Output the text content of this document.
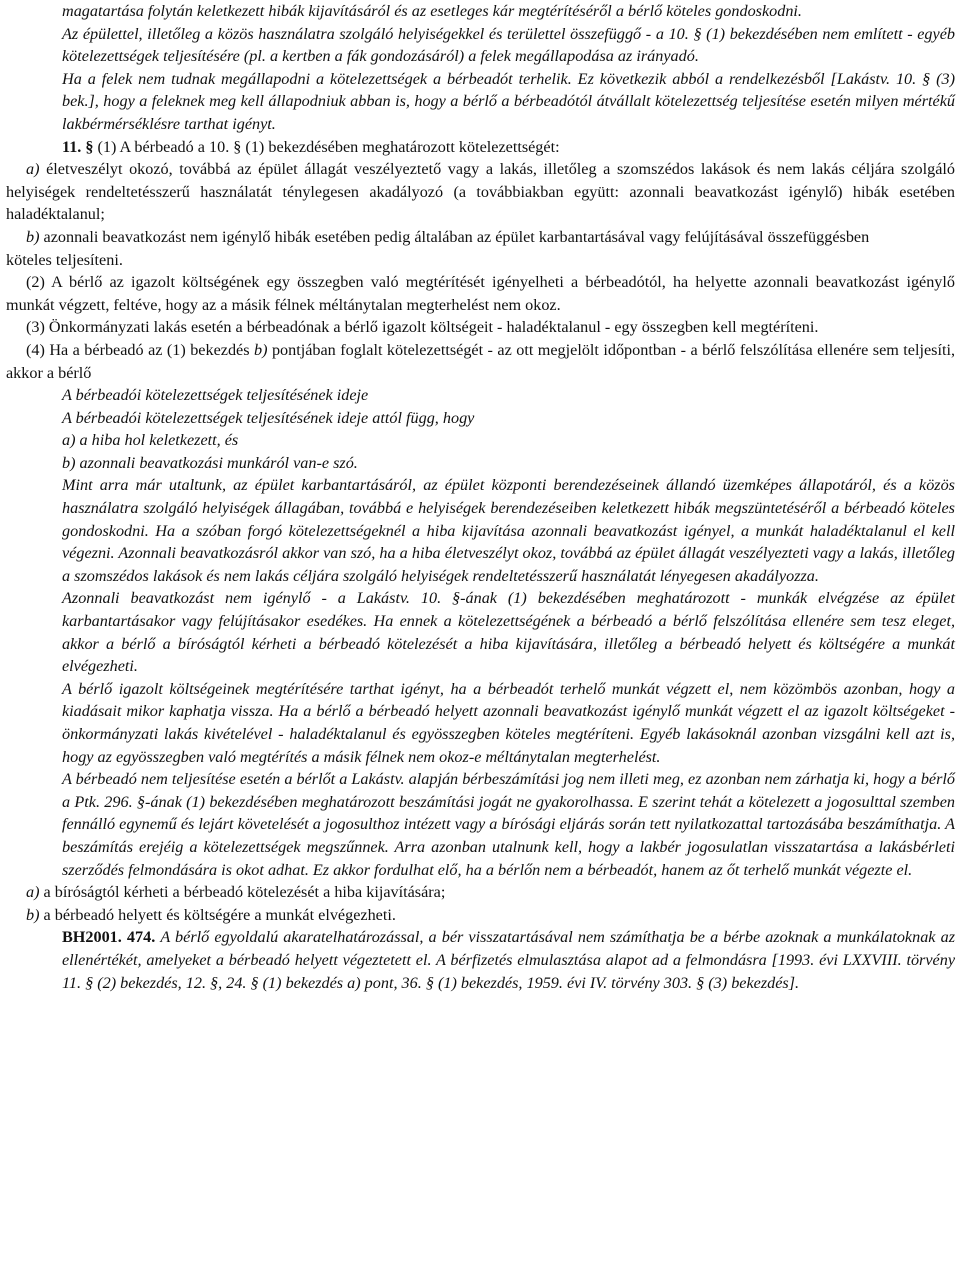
magatartása folytán keletkezett hibák kijavításáról és az esetleges kár megtérítéséről a bérlő köteles gondoskodni.

Az épülettel, illetőleg a közös használatra szolgáló helyiségekkel és területtel összefüggő - a 10. § (1) bekezdésében nem említett - egyéb kötelezettségek teljesítésére (pl. a kertben a fák gondozásáról) a felek megállapodása az irányadó.

Ha a felek nem tudnak megállapodni a kötelezettségek a bérbeadót terhelik. Ez következik abból a rendelkezésből [Lakástv. 10. § (3) bek.], hogy a feleknek meg kell állapodniuk abban is, hogy a bérlő a bérbeadótól átvállalt kötelezettség teljesítése esetén milyen mértékű lakbérmérséklésre tarthat igényt.

11. § (1) A bérbeadó a 10. § (1) bekezdésében meghatározott kötelezettségét:

a) életveszélyt okozó, továbbá az épület állagát veszélyeztető vagy a lakás, illetőleg a szomszédos lakások és nem lakás céljára szolgáló helyiségek rendeltetésszerű használatát ténylegesen akadályozó (a továbbiakban együtt: azonnali beavatkozást igénylő) hibák esetében haladéktalanul;

b) azonnali beavatkozást nem igénylő hibák esetében pedig általában az épület karbantartásával vagy felújításával összefüggésben

köteles teljesíteni.

(2) A bérlő az igazolt költségének egy összegben való megtérítését igényelheti a bérbeadótól, ha helyette azonnali beavatkozást igénylő munkát végzett, feltéve, hogy az a másik félnek méltánytalan megterhelést nem okoz.

(3) Önkormányzati lakás esetén a bérbeadónak a bérlő igazolt költségeit - haladéktalanul - egy összegben kell megtéríteni.

(4) Ha a bérbeadó az (1) bekezdés b) pontjában foglalt kötelezettségét - az ott megjelölt időpontban - a bérlő felszólítása ellenére sem teljesíti, akkor a bérlő

A bérbeadói kötelezettségek teljesítésének ideje

A bérbeadói kötelezettségek teljesítésének ideje attól függ, hogy

a) a hiba hol keletkezett, és

b) azonnali beavatkozási munkáról van-e szó.

Mint arra már utaltunk, az épület karbantartásáról, az épület központi berendezéseinek állandó üzemképes állapotáról, és a közös használatra szolgáló helyiségek állagában, továbbá e helyiségek berendezéseiben keletkezett hibák megszüntetéséről a bérbeadó köteles gondoskodni. Ha a szóban forgó kötelezettségeknél a hiba kijavítása azonnali beavatkozást igényel, a munkát haladéktalanul el kell végezni. Azonnali beavatkozásról akkor van szó, ha a hiba életveszélyt okoz, továbbá az épület állagát veszélyezteti vagy a lakás, illetőleg a szomszédos lakások és nem lakás céljára szolgáló helyiségek rendeltetésszerű használatát lényegesen akadályozza.

Azonnali beavatkozást nem igénylő - a Lakástv. 10. §-ának (1) bekezdésében meghatározott - munkák elvégzése az épület karbantartásakor vagy felújításakor esedékes. Ha ennek a kötelezettségének a bérbeadó a bérlő felszólítása ellenére sem tesz eleget, akkor a bérlő a bíróságtól kérheti a bérbeadó kötelezését a hiba kijavítására, illetőleg a bérbeadó helyett és költségére a munkát elvégezheti.

A bérlő igazolt költségeinek megtérítésére tarthat igényt, ha a bérbeadót terhelő munkát végzett el, nem közömbös azonban, hogy a kiadásait mikor kaphatja vissza. Ha a bérlő a bérbeadó helyett azonnali beavatkozást igénylő munkát végzett el az igazolt költségeket - önkormányzati lakás kivételével - haladéktalanul és egyösszegben köteles megtéríteni. Egyéb lakásoknál azonban vizsgálni kell azt is, hogy az egyösszegben való megtérítés a másik félnek nem okoz-e méltánytalan megterhelést.

A bérbeadó nem teljesítése esetén a bérlőt a Lakástv. alapján bérbeszámítási jog nem illeti meg, ez azonban nem zárhatja ki, hogy a bérlő a Ptk. 296. §-ának (1) bekezdésében meghatározott beszámítási jogát ne gyakorolhassa. E szerint tehát a kötelezett a jogosulttal szemben fennálló egynemű és lejárt követelését a jogosulthoz intézett vagy a bírósági eljárás során tett nyilatkozattal tartozásába beszámíthatja. A beszámítás erejéig a kötelezettségek megszűnnek. Arra azonban utalnunk kell, hogy a lakbér jogosulatlan visszatartása a lakásbérleti szerződés felmondására is okot adhat. Ez akkor fordulhat elő, ha a bérlőn nem a bérbeadót, hanem az őt terhelő munkát végezte el.

a) a bíróságtól kérheti a bérbeadó kötelezését a hiba kijavítására;

b) a bérbeadó helyett és költségére a munkát elvégezheti.

BH2001. 474. A bérlő egyoldalú akaratelhatározással, a bér visszatartásával nem számíthatja be a bérbe azoknak a munkálatoknak az ellenértékét, amelyeket a bérbeadó helyett végeztetett el. A bérfizetés elmulasztása alapot ad a felmondásra [1993. évi LXXVIII. törvény 11. § (2) bekezdés, 12. §, 24. § (1) bekezdés a) pont, 36. § (1) bekezdés, 1959. évi IV. törvény 303. § (3) bekezdés].
